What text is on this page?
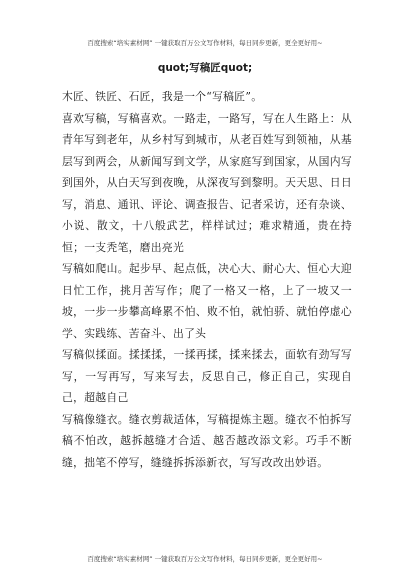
百度搜索“培实素材网” 一键获取百万公文写作材料，每日同步更新，更全更好用~
quot;写稿匠quot;

木匠、铁匠、石匠，我是一个“写稿匠”。

喜欢写稿，写稿喜欢。一路走，一路写，写在人生路上：从青年写到老年，从乡村写到城市，从老百姓写到领袖，从基层写到两会，从新闻写到文学，从家庭写到国家，从国内写到国外，从白天写到夜晚，从深夜写到黎明。天天思、日日写，消息、通讯、评论、调查报告、记者采访，还有杂谈、小说、散文，十八般武艺，样样试过；难求精通，贵在持恒；一支秃笔，磨出亮光

写稿如爬山。起步早、起点低，决心大、耐心大、恒心大迎日忙工作，挑月苦写作；爬了一格又一格，上了一坡又一坡，一步一步攀高峰累不怕、败不怕，就怕骄、就怕停虚心学、实践练、苦奋斗、出了头

写稿似揉面。揉揉揉，一揉再揉，揉来揉去，面软有劲写写写，一写再写，写来写去，反思自己，修正自己，实现自己，超越自己

写稿像缝衣。缝衣剪裁适体，写稿提炼主题。缝衣不怕拆写稿不怕改，越拆越缝才合适、越否越改添文彩。巧手不断缝，拙笔不停写，缝缝拆拆添新衣，写写改改出妙语。

百度搜索“培实素材网” 一键获取百万公文写作材料，每日同步更新，更全更好用~
